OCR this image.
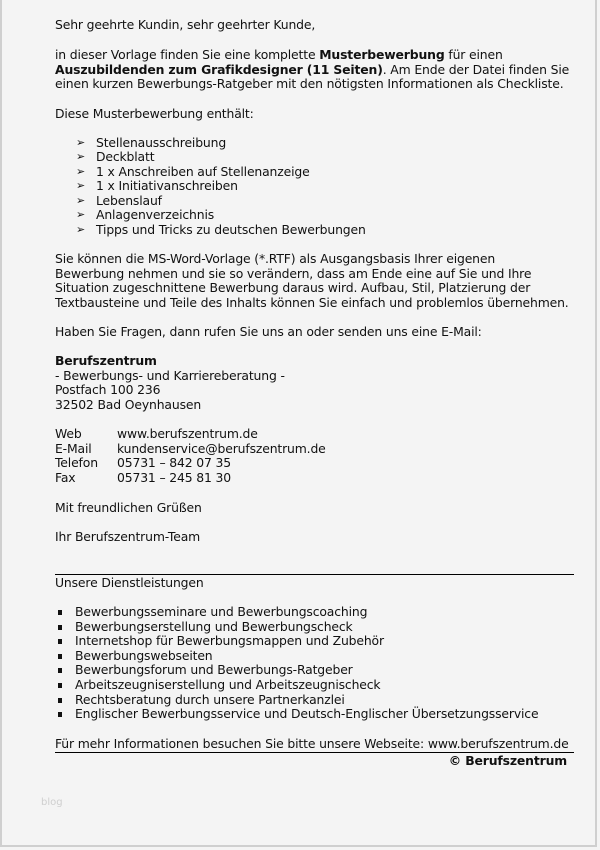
Sehr geehrte Kundin, sehr geehrter Kunde,
in dieser Vorlage finden Sie eine komplette Musterbewerbung für einen
Auszubildenden zum Grafikdesigner (11 Seiten). Am Ende der Datei finden Sie
einen kurzen Bewerbungs-Ratgeber mit den nötigsten Informationen als Checkliste.
Diese Musterbewerbung enthält:
➢ Stellenausschreibung
➢ Deckblatt
➢ 1 x Anschreiben auf Stellenanzeige
➢ 1 x Initiativanschreiben
➢ Lebenslauf
➢ Anlagenverzeichnis
➢ Tipps und Tricks zu deutschen Bewerbungen
Sie können die MS-Word-Vorlage (*.RTF) als Ausgangsbasis Ihrer eigenen
Bewerbung nehmen und sie so verändern, dass am Ende eine auf Sie und Ihre
Situation zugeschnittene Bewerbung daraus wird. Aufbau, Stil, Platzierung der
Textbausteine und Teile des Inhalts können Sie einfach und problemlos übernehmen.
Haben Sie Fragen, dann rufen Sie uns an oder senden uns eine E-Mail:
Berufszentrum
- Bewerbungs- und Karriereberatung -
Postfach 100 236
32502 Bad Oeynhausen
Web	www.berufszentrum.de
E-Mail kundenservice@berufszentrum.de
Telefon 05731 – 842 07 35
Fax	05731 – 245 81 30
Mit freundlichen Grüßen
Ihr Berufszentrum-Team
Unsere Dienstleistungen
Bewerbungsseminare und Bewerbungscoaching
Bewerbungserstellung und Bewerbungscheck
Internetshop für Bewerbungsmappen und Zubehör
Bewerbungswebseiten
Bewerbungsforum und Bewerbungs-Ratgeber
Arbeitszeugniserstellung und Arbeitszeugnischeck
Rechtsberatung durch unsere Partnerkanzlei
Englischer Bewerbungsservice und Deutsch-Englischer Übersetzungsservice
Für mehr Informationen besuchen Sie bitte unsere Webseite: www.berufszentrum.de
© Berufszentrum
blog
